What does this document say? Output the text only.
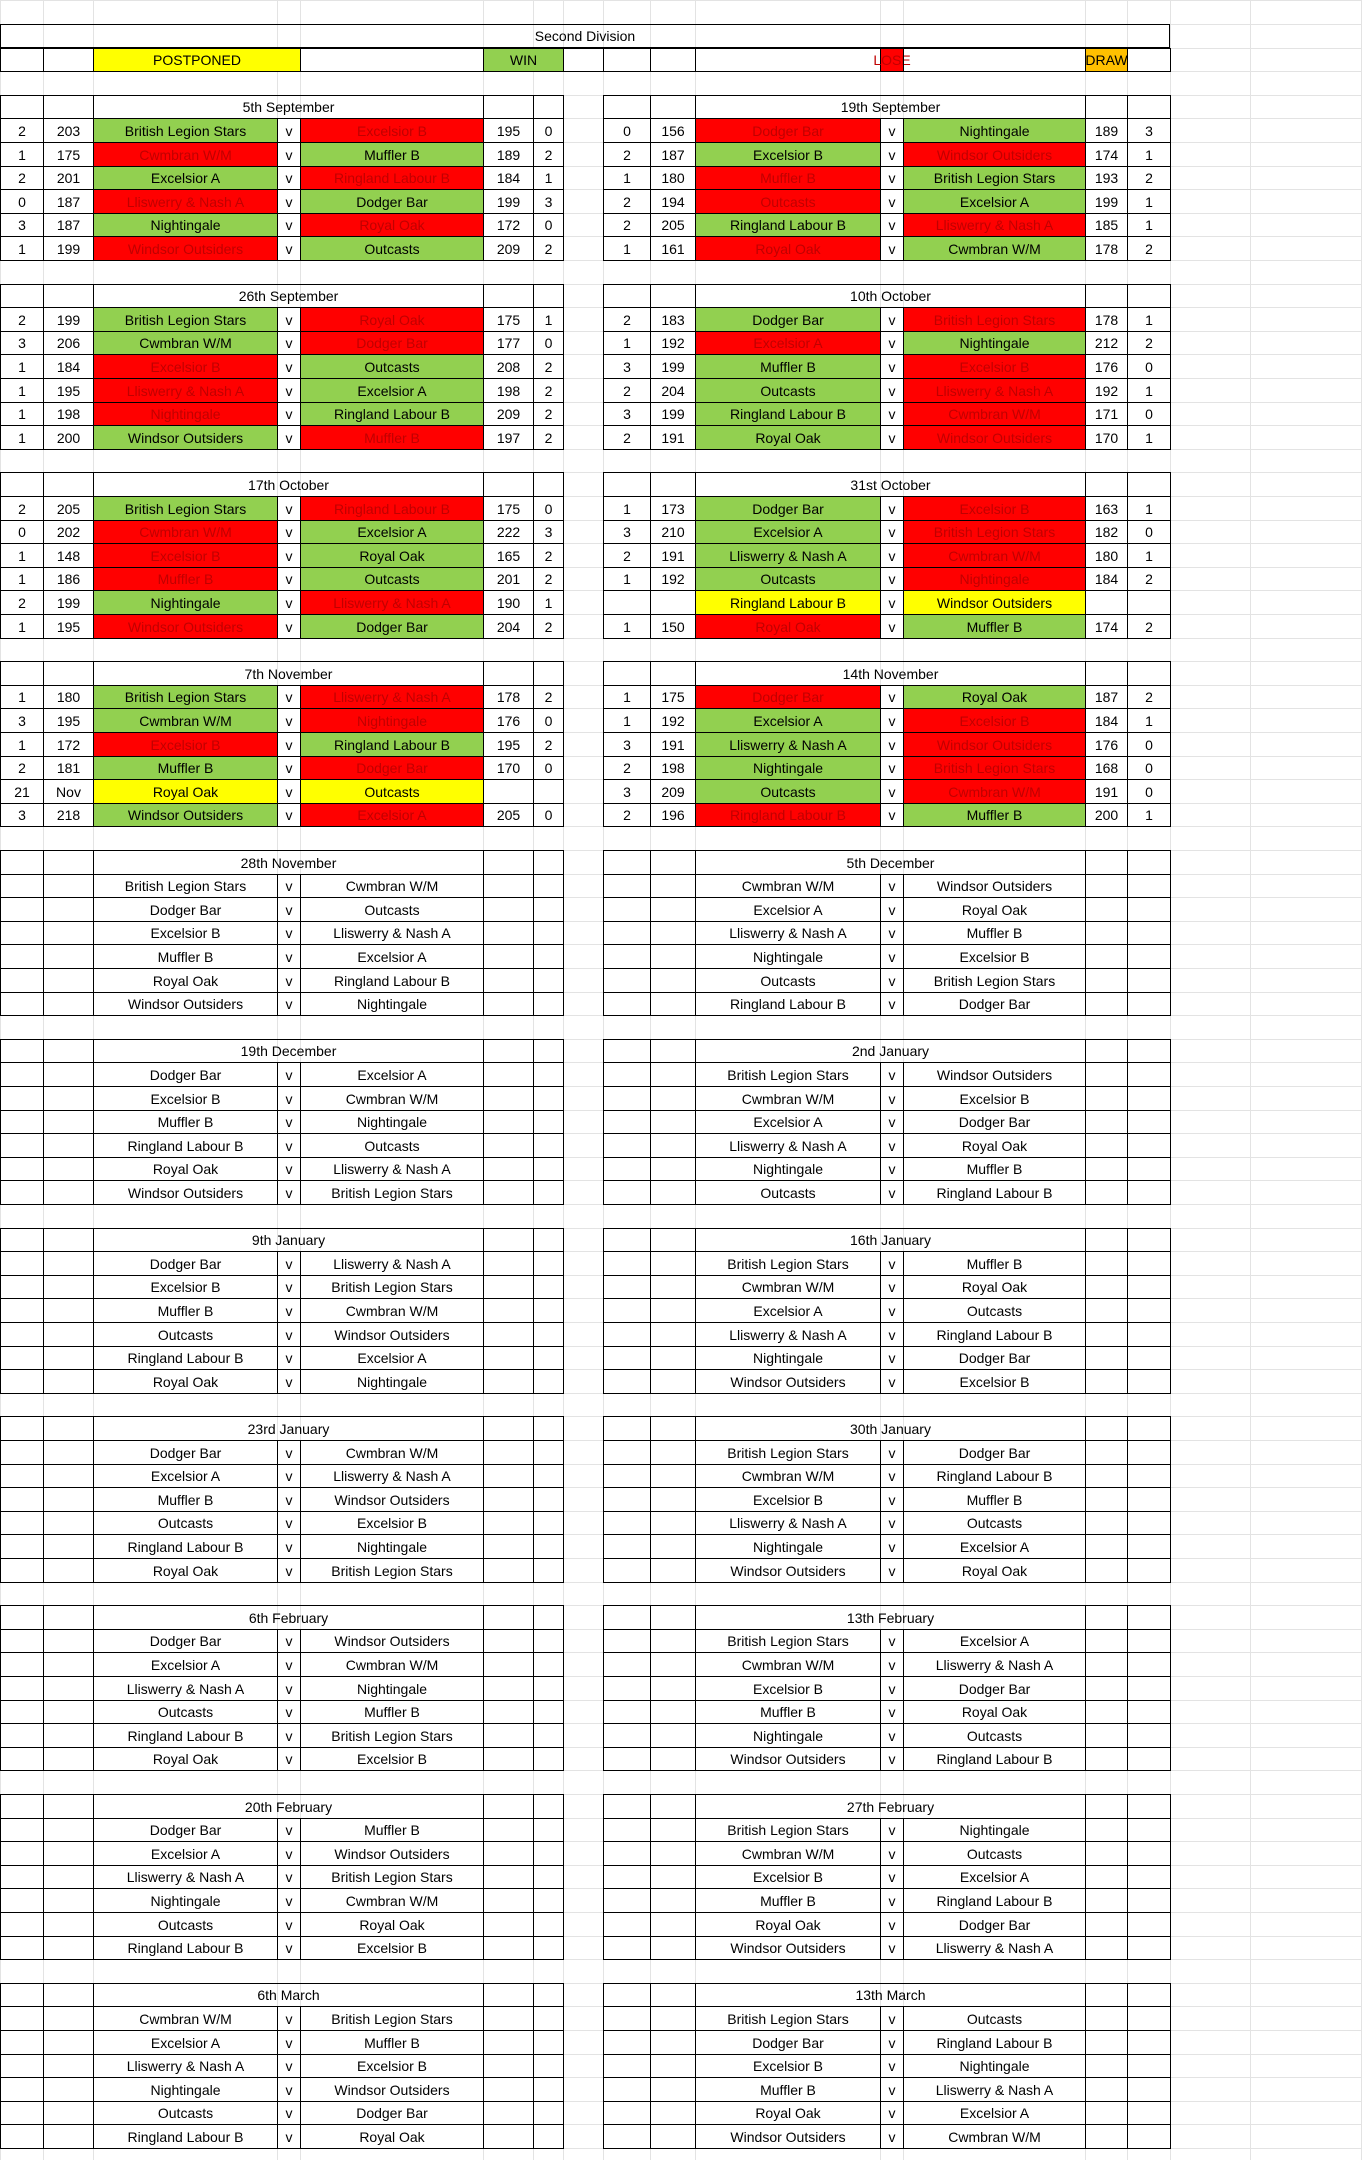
Second Division
POSTPONED	WIN	LOSE	DRAW
5th September
2	203	British Legion Stars	v	Excelsior B	195	0
1	175	Cwmbran W/M	v	Muffler B	189	2
2	201	Excelsior A	v	Ringland Labour B	184	1
0	187	Lliswerry & Nash A	v	Dodger Bar	199	3
3	187	Nightingale	v	Royal Oak	172	0
1	199	Windsor Outsiders	v	Outcasts	209	2
19th September
0	156	Dodger Bar	v	Nightingale	189	3
2	187	Excelsior B	v	Windsor Outsiders	174	1
1	180	Muffler B	v	British Legion Stars	193	2
2	194	Outcasts	v	Excelsior A	199	1
2	205	Ringland Labour B	v	Lliswerry & Nash A	185	1
1	161	Royal Oak	v	Cwmbran W/M	178	2
26th September
2	199	British Legion Stars	v	Royal Oak	175	1
3	206	Cwmbran W/M	v	Dodger Bar	177	0
1	184	Excelsior B	v	Outcasts	208	2
1	195	Lliswerry & Nash A	v	Excelsior A	198	2
1	198	Nightingale	v	Ringland Labour B	209	2
1	200	Windsor Outsiders	v	Muffler B	197	2
10th October
2	183	Dodger Bar	v	British Legion Stars	178	1
1	192	Excelsior A	v	Nightingale	212	2
3	199	Muffler B	v	Excelsior B	176	0
2	204	Outcasts	v	Lliswerry & Nash A	192	1
3	199	Ringland Labour B	v	Cwmbran W/M	171	0
2	191	Royal Oak	v	Windsor Outsiders	170	1
17th October
2	205	British Legion Stars	v	Ringland Labour B	175	0
0	202	Cwmbran W/M	v	Excelsior A	222	3
1	148	Excelsior B	v	Royal Oak	165	2
1	186	Muffler B	v	Outcasts	201	2
2	199	Nightingale	v	Lliswerry & Nash A	190	1
1	195	Windsor Outsiders	v	Dodger Bar	204	2
31st October
1	173	Dodger Bar	v	Excelsior B	163	1
3	210	Excelsior A	v	British Legion Stars	182	0
2	191	Lliswerry & Nash A	v	Cwmbran W/M	180	1
1	192	Outcasts	v	Nightingale	184	2
Ringland Labour B	v	Windsor Outsiders
1	150	Royal Oak	v	Muffler B	174	2
7th November
1	180	British Legion Stars	v	Lliswerry & Nash A	178	2
3	195	Cwmbran W/M	v	Nightingale	176	0
1	172	Excelsior B	v	Ringland Labour B	195	2
2	181	Muffler B	v	Dodger Bar	170	0
21	Nov	Royal Oak	v	Outcasts
3	218	Windsor Outsiders	v	Excelsior A	205	0
14th November
1	175	Dodger Bar	v	Royal Oak	187	2
1	192	Excelsior A	v	Excelsior B	184	1
3	191	Lliswerry & Nash A	v	Windsor Outsiders	176	0
2	198	Nightingale	v	British Legion Stars	168	0
3	209	Outcasts	v	Cwmbran W/M	191	0
2	196	Ringland Labour B	v	Muffler B	200	1
28th November
British Legion Stars	v	Cwmbran W/M
Dodger Bar	v	Outcasts
Excelsior B	v	Lliswerry & Nash A
Muffler B	v	Excelsior A
Royal Oak	v	Ringland Labour B
Windsor Outsiders	v	Nightingale
5th December
Cwmbran W/M	v	Windsor Outsiders
Excelsior A	v	Royal Oak
Lliswerry & Nash A	v	Muffler B
Nightingale	v	Excelsior B
Outcasts	v	British Legion Stars
Ringland Labour B	v	Dodger Bar
19th December
Dodger Bar	v	Excelsior A
Excelsior B	v	Cwmbran W/M
Muffler B	v	Nightingale
Ringland Labour B	v	Outcasts
Royal Oak	v	Lliswerry & Nash A
Windsor Outsiders	v	British Legion Stars
2nd January
British Legion Stars	v	Windsor Outsiders
Cwmbran W/M	v	Excelsior B
Excelsior A	v	Dodger Bar
Lliswerry & Nash A	v	Royal Oak
Nightingale	v	Muffler B
Outcasts	v	Ringland Labour B
9th January
Dodger Bar	v	Lliswerry & Nash A
Excelsior B	v	British Legion Stars
Muffler B	v	Cwmbran W/M
Outcasts	v	Windsor Outsiders
Ringland Labour B	v	Excelsior A
Royal Oak	v	Nightingale
16th January
British Legion Stars	v	Muffler B
Cwmbran W/M	v	Royal Oak
Excelsior A	v	Outcasts
Lliswerry & Nash A	v	Ringland Labour B
Nightingale	v	Dodger Bar
Windsor Outsiders	v	Excelsior B
23rd January
Dodger Bar	v	Cwmbran W/M
Excelsior A	v	Lliswerry & Nash A
Muffler B	v	Windsor Outsiders
Outcasts	v	Excelsior B
Ringland Labour B	v	Nightingale
Royal Oak	v	British Legion Stars
30th January
British Legion Stars	v	Dodger Bar
Cwmbran W/M	v	Ringland Labour B
Excelsior B	v	Muffler B
Lliswerry & Nash A	v	Outcasts
Nightingale	v	Excelsior A
Windsor Outsiders	v	Royal Oak
6th February
Dodger Bar	v	Windsor Outsiders
Excelsior A	v	Cwmbran W/M
Lliswerry & Nash A	v	Nightingale
Outcasts	v	Muffler B
Ringland Labour B	v	British Legion Stars
Royal Oak	v	Excelsior B
13th February
British Legion Stars	v	Excelsior A
Cwmbran W/M	v	Lliswerry & Nash A
Excelsior B	v	Dodger Bar
Muffler B	v	Royal Oak
Nightingale	v	Outcasts
Windsor Outsiders	v	Ringland Labour B
20th February
Dodger Bar	v	Muffler B
Excelsior A	v	Windsor Outsiders
Lliswerry & Nash A	v	British Legion Stars
Nightingale	v	Cwmbran W/M
Outcasts	v	Royal Oak
Ringland Labour B	v	Excelsior B
27th February
British Legion Stars	v	Nightingale
Cwmbran W/M	v	Outcasts
Excelsior B	v	Excelsior A
Muffler B	v	Ringland Labour B
Royal Oak	v	Dodger Bar
Windsor Outsiders	v	Lliswerry & Nash A
6th March
Cwmbran W/M	v	British Legion Stars
Excelsior A	v	Muffler B
Lliswerry & Nash A	v	Excelsior B
Nightingale	v	Windsor Outsiders
Outcasts	v	Dodger Bar
Ringland Labour B	v	Royal Oak
13th March
British Legion Stars	v	Outcasts
Dodger Bar	v	Ringland Labour B
Excelsior B	v	Nightingale
Muffler B	v	Lliswerry & Nash A
Royal Oak	v	Excelsior A
Windsor Outsiders	v	Cwmbran W/M
